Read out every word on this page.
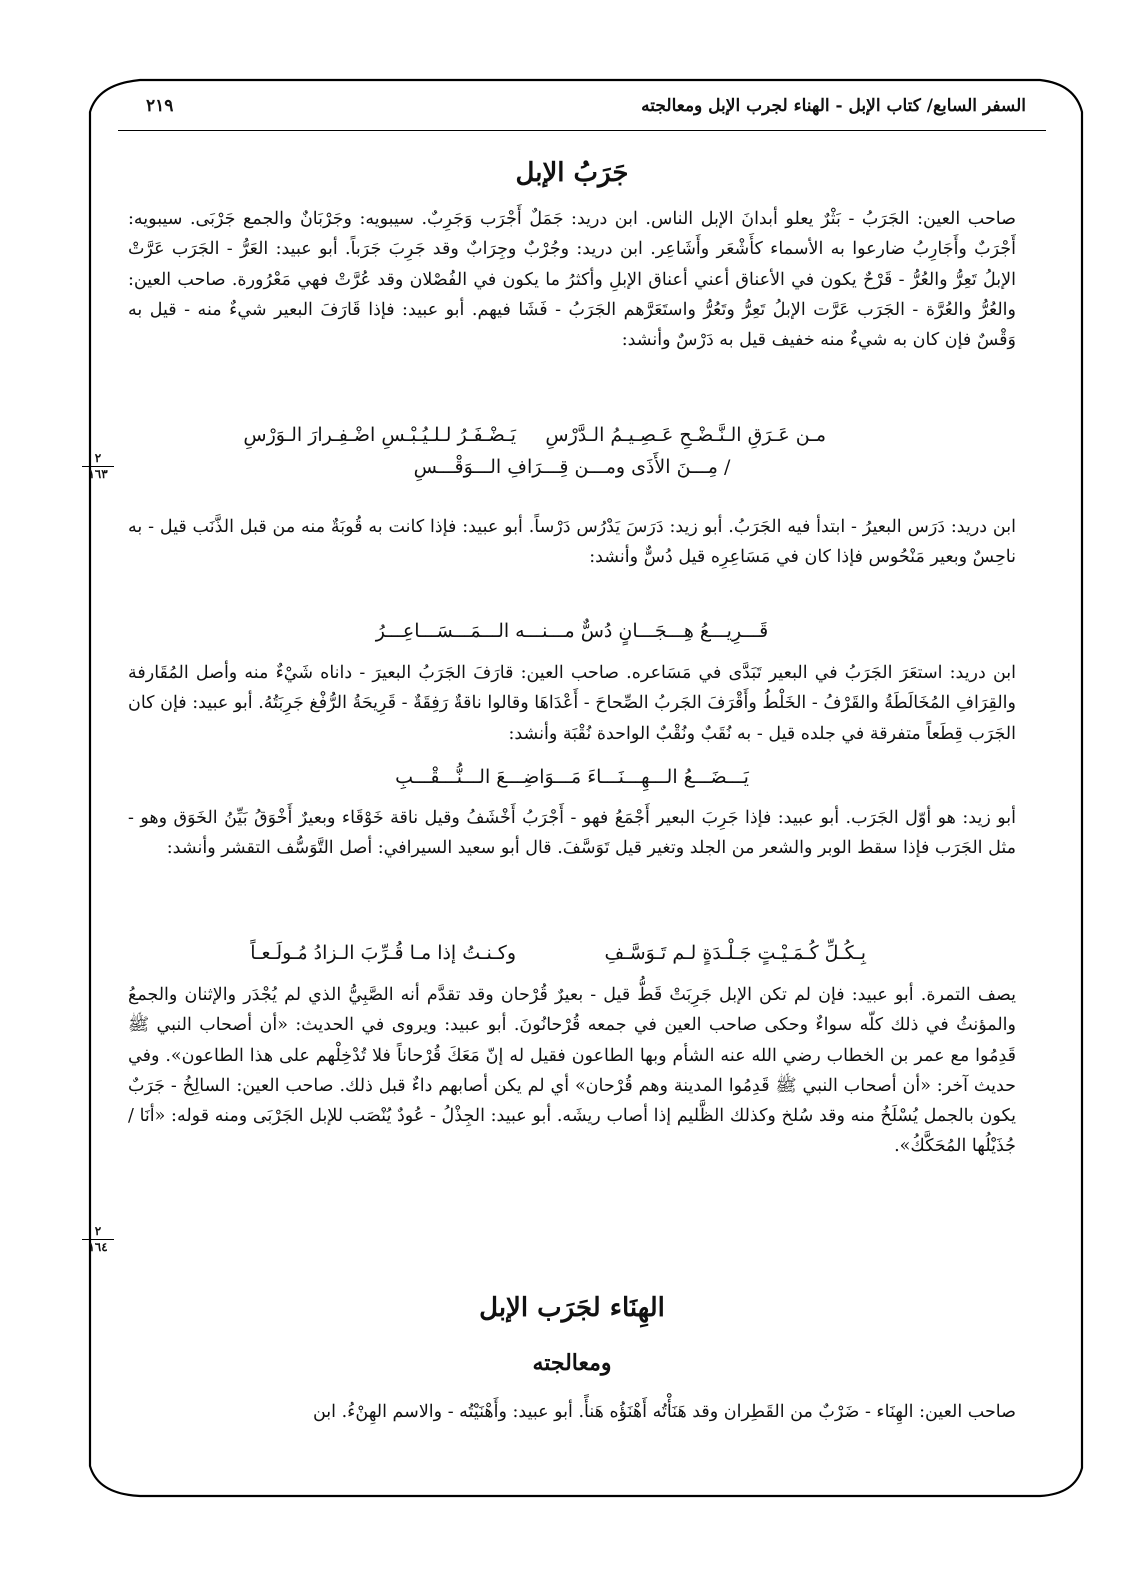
السفر السابع/ كتاب الإبل - الهناء لجرب الإبل ومعالجته
٢١٩
جَرَبُ الإبل

صاحب العين: الجَرَبُ - بَثْرٌ يعلو أبدانَ الإبل الناس. ابن دريد: جَمَلٌ أَجْرَب وَجَرِبٌ. سيبويه: وجَرْبَانٌ والجمع جَرْبَى. سيبويه: أَجْرَبٌ وأَجَارِبُ ضارعوا به الأسماء كأَشْعَر وأَشَاعِر. ابن دريد: وجُرْبٌ وجِرَابٌ وقد جَرِبَ جَرَباً. أبو عبيد: العَرُّ - الجَرَب عَرَّتْ الإبلُ تَعِرُّ والعُرُّ - قَرْحٌ يكون في الأعناق أعني أعناق الإبلِ وأكثرُ ما يكون في الفُصْلان وقد عُرَّتْ فهي مَعْرُورة. صاحب العين: والعُرُّ والعُرَّة - الجَرَب عَرَّت الإبلُ تَعِرُّ وتَعُرُّ واستَعَرَّهم الجَرَبُ - فَشَا فيهم. أبو عبيد: فإذا قَارَفَ البعير شيءٌ منه - قيل به وَقْسٌ فإن كان به شيءٌ منه خفيف قيل به دَرْسٌ وأنشد:

مـن عَـرَقِ الـنَّـضْـحِ عَـصِـيـمُ الـدَّرْسِ
يَـضْـفَـرُ لـلـيُـبْـسِ اضْـفِـرارَ الـوَرْسِ
/ مِـــنَ الأَذَى ومـــن قِـــرَافِ الـــوَقْـــسِ

ابن دريد: دَرَس البعيرُ - ابتدأ فيه الجَرَبُ. أبو زيد: دَرَسَ يَدْرُس دَرْساً. أبو عبيد: فإذا كانت به قُوبَةٌ منه من قبل الذَّنَب قيل - به ناحِسٌ وبعير مَنْحُوس فإذا كان في مَسَاعِرِه قيل دُسٌّ وأنشد:

قَـــرِيـــعُ هِـــجَـــانٍ دُسٌّ مـــنـــه الـــمَـــسَـــاعِـــرُ

ابن دريد: استعَرَ الجَرَبُ في البعير تَبَدَّى في مَسَاعره. صاحب العين: قارَفَ الجَرَبُ البعيرَ - داناه شَيْءٌ منه وأصل المُقَارفة والقِرَافِ المُخَالَطَةُ والقَرْفُ - الخَلْطُ وأَقْرَفَ الجَربُ الصِّحاحَ - أَعْدَاهَا وقالوا ناقةٌ رَفِقَةٌ - قَرِيحَةُ الرُّفْغ جَرِبَتُهُ. أبو عبيد: فإن كان الجَرَب قِطَعاً متفرقة في جلده قيل - به نُقَبٌ ونُقْبٌ الواحدة نُقْبَة وأنشد:

يَـــضَـــعُ الـــهِـــنَـــاءَ مَـــوَاضِـــعَ الـــنُّـــقْـــبِ

أبو زيد: هو أوّل الجَرَب. أبو عبيد: فإذا جَرِبَ البعير أَجْمَعُ فهو - أَجْرَبُ أَخْشَفُ وقيل ناقة خَوْقَاء وبعيرٌ أَخْوَقُ بَيِّنُ الخَوَق وهو - مثل الجَرَب فإذا سقط الوبر والشعر من الجلد وتغير قيل تَوَسَّفَ. قال أبو سعيد السيرافي: أصل التَّوَسُّف التقشر وأنشد:

بِـكُـلِّ كُـمَـيْـتٍ جَـلْـدَةٍ لـم تَـوَسَّـفِ
وكـنـتُ إذا مـا قُـرِّبَ الـزادُ مُـولَـعـاً

يصف التمرة. أبو عبيد: فإن لم تكن الإبل جَرِبَتْ قَطُّ قيل - بعيرٌ قُرْحان وقد تقدَّم أنه الصَّبِيُّ الذي لم يُجْدَر والإثنان والجمعُ والمؤنثُ في ذلك كلّه سواءٌ وحكى صاحب العين في جمعه قُرْحانُونَ. أبو عبيد: ويروى في الحديث: «أن أصحاب النبي ﷺ قَدِمُوا مع عمر بن الخطاب رضي الله عنه الشأم وبها الطاعون فقيل له إنّ مَعَكَ قُرْحاناً فلا تُدْخِلْهم على هذا الطاعون». وفي حديث آخر: «أن أصحاب النبي ﷺ قَدِمُوا المدينة وهم قُرْحان» أي لم يكن أصابهم داءٌ قبل ذلك. صاحب العين: السالِخُ - جَرَبٌ يكون بالجمل يُسْلَخُ منه وقد سُلخ وكذلك الظَّليم إذا أصاب ريشَه. أبو عبيد: الجِذْلُ - عُودٌ يُنْصَب للإبل الجَرْبَى ومنه قوله: «أنَا / جُذَيْلُها المُحَكَّكُ».

الهِنَاء لجَرَب الإبل
ومعالجته

صاحب العين: الهِنَاء - ضَرْبٌ من القَطِران وقد هَنَأْتُه أَهْنَؤُه هَنأً. أبو عبيد: وأَهْنَيْتُه - والاسم الهِنْءُ. ابن

٢
١٦٣
٢
١٦٤
